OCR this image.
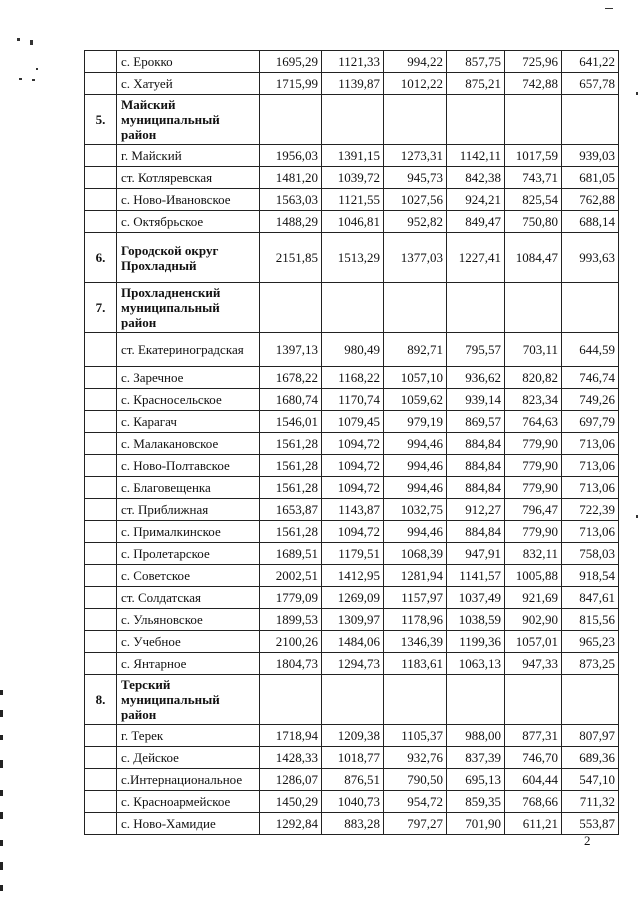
	с. Ерокко	1695,29	1121,33	994,22	857,75	725,96	641,22
	с. Хатуей	1715,99	1139,87	1012,22	875,21	742,88	657,78
5.	Майский муниципальный район						
	г. Майский	1956,03	1391,15	1273,31	1142,11	1017,59	939,03
	ст. Котляревская	1481,20	1039,72	945,73	842,38	743,71	681,05
	с. Ново-Ивановское	1563,03	1121,55	1027,56	924,21	825,54	762,88
	с. Октябрьское	1488,29	1046,81	952,82	849,47	750,80	688,14
6.	Городской округ Прохладный	2151,85	1513,29	1377,03	1227,41	1084,47	993,63
7.	Прохладненский муниципальный район						
	ст. Екатериноградская	1397,13	980,49	892,71	795,57	703,11	644,59
	с. Заречное	1678,22	1168,22	1057,10	936,62	820,82	746,74
	с. Красносельское	1680,74	1170,74	1059,62	939,14	823,34	749,26
	с. Карагач	1546,01	1079,45	979,19	869,57	764,63	697,79
	с. Малакановское	1561,28	1094,72	994,46	884,84	779,90	713,06
	с. Ново-Полтавское	1561,28	1094,72	994,46	884,84	779,90	713,06
	с. Благовещенка	1561,28	1094,72	994,46	884,84	779,90	713,06
	ст. Приближная	1653,87	1143,87	1032,75	912,27	796,47	722,39
	с. Прималкинское	1561,28	1094,72	994,46	884,84	779,90	713,06
	с. Пролетарское	1689,51	1179,51	1068,39	947,91	832,11	758,03
	с. Советское	2002,51	1412,95	1281,94	1141,57	1005,88	918,54
	ст. Солдатская	1779,09	1269,09	1157,97	1037,49	921,69	847,61
	с. Ульяновское	1899,53	1309,97	1178,96	1038,59	902,90	815,56
	с. Учебное	2100,26	1484,06	1346,39	1199,36	1057,01	965,23
	с. Янтарное	1804,73	1294,73	1183,61	1063,13	947,33	873,25
8.	Терский муниципальный район						
	г. Терек	1718,94	1209,38	1105,37	988,00	877,31	807,97
	с. Дейское	1428,33	1018,77	932,76	837,39	746,70	689,36
	с.Интернациональное	1286,07	876,51	790,50	695,13	604,44	547,10
	с. Красноармейское	1450,29	1040,73	954,72	859,35	768,66	711,32
	с. Ново-Хамидие	1292,84	883,28	797,27	701,90	611,21	553,87
2
